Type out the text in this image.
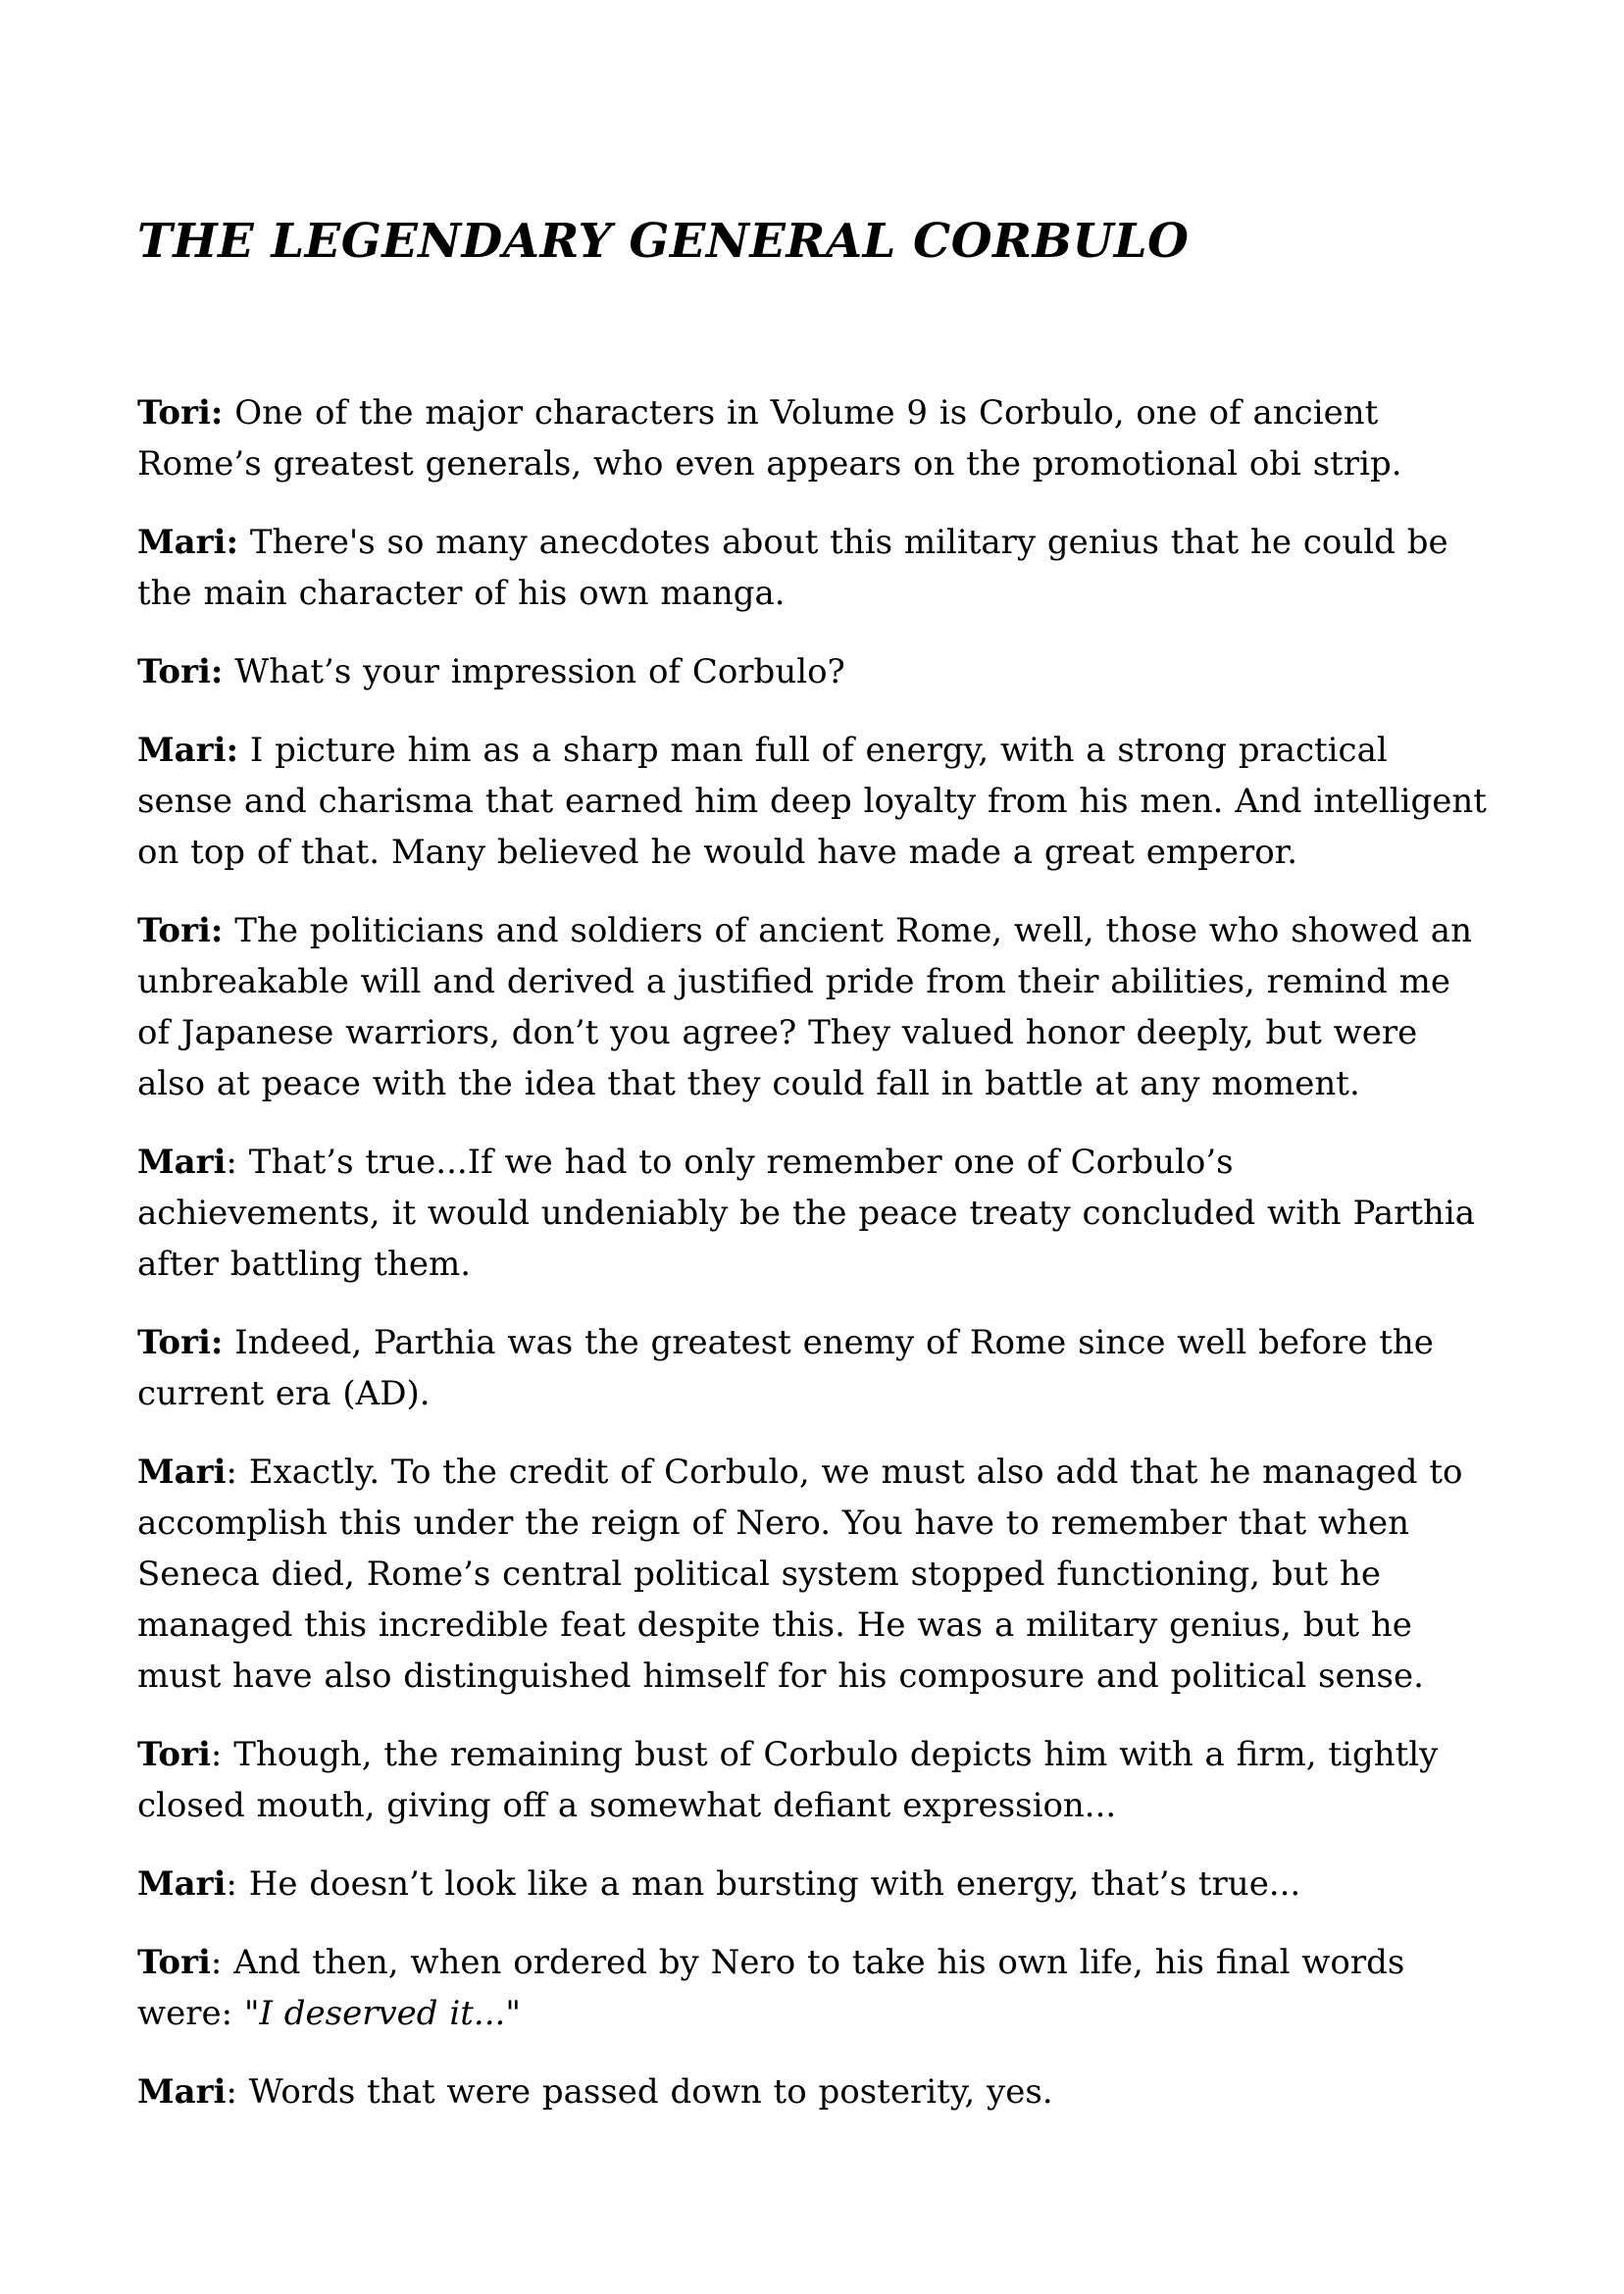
THE LEGENDARY GENERAL CORBULO

Tori: One of the major characters in Volume 9 is Corbulo, one of ancient Rome’s greatest generals, who even appears on the promotional obi strip.

Mari: There's so many anecdotes about this military genius that he could be the main character of his own manga.

Tori: What’s your impression of Corbulo?

Mari: I picture him as a sharp man full of energy, with a strong practical sense and charisma that earned him deep loyalty from his men. And intelligent on top of that. Many believed he would have made a great emperor.

Tori: The politicians and soldiers of ancient Rome, well, those who showed an unbreakable will and derived a justified pride from their abilities, remind me of Japanese warriors, don’t you agree? They valued honor deeply, but were also at peace with the idea that they could fall in battle at any moment.

Mari: That’s true...If we had to only remember one of Corbulo’s achievements, it would undeniably be the peace treaty concluded with Parthia after battling them.

Tori: Indeed, Parthia was the greatest enemy of Rome since well before the current era (AD).

Mari: Exactly. To the credit of Corbulo, we must also add that he managed to accomplish this under the reign of Nero. You have to remember that when Seneca died, Rome’s central political system stopped functioning, but he managed this incredible feat despite this. He was a military genius, but he must have also distinguished himself for his composure and political sense.

Tori: Though, the remaining bust of Corbulo depicts him with a firm, tightly closed mouth, giving off a somewhat defiant expression...

Mari: He doesn’t look like a man bursting with energy, that’s true...

Tori: And then, when ordered by Nero to take his own life, his final words were: "I deserved it..."

Mari: Words that were passed down to posterity, yes.
